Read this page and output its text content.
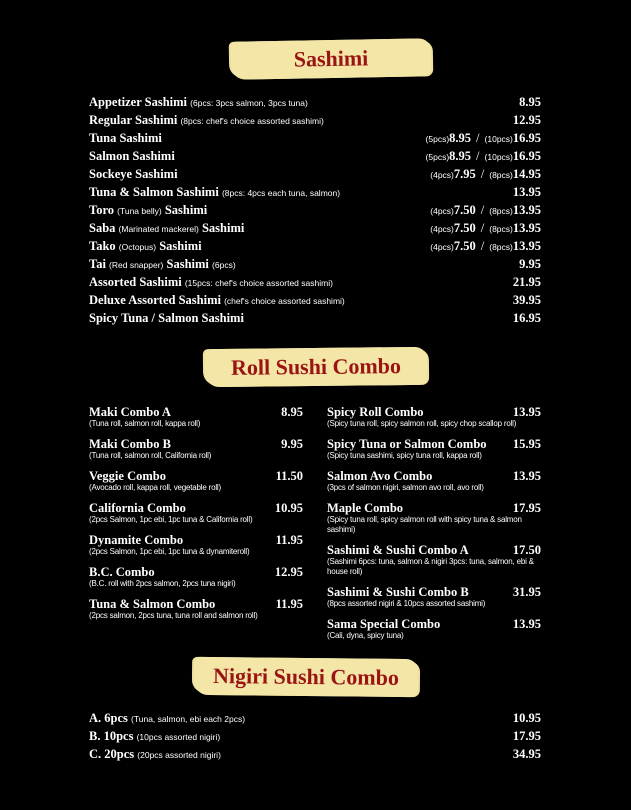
Sashimi
Appetizer Sashimi (6pcs: 3pcs salmon, 3pcs tuna)	8.95
Regular Sashimi (8pcs: chef's choice assorted sashimi)	12.95
Tuna Sashimi	(5pcs) 8.95 / (10pcs) 16.95
Salmon Sashimi	(5pcs) 8.95 / (10pcs) 16.95
Sockeye Sashimi	(4pcs) 7.95 / (8pcs) 14.95
Tuna & Salmon Sashimi (8pcs: 4pcs each tuna, salmon)	13.95
Toro (Tuna belly) Sashimi	(4pcs) 7.50 / (8pcs) 13.95
Saba (Marinated mackerel) Sashimi	(4pcs) 7.50 / (8pcs) 13.95
Tako (Octopus) Sashimi	(4pcs) 7.50 / (8pcs) 13.95
Tai (Red snapper) Sashimi (6pcs)	9.95
Assorted Sashimi (15pcs: chef's choice assorted sashimi)	21.95
Deluxe Assorted Sashimi (chef's choice assorted sashimi)	39.95
Spicy Tuna / Salmon Sashimi	16.95
Roll Sushi Combo
Maki Combo A	8.95
(Tuna roll, salmon roll, kappa roll)
Maki Combo B	9.95
(Tuna roll, salmon roll, California roll)
Veggie Combo	11.50
(Avocado roll, kappa roll, vegetable roll)
California Combo	10.95
(2pcs Salmon, 1pc ebi, 1pc tuna & California roll)
Dynamite Combo	11.95
(2pcs Salmon, 1pc ebi, 1pc tuna & dynamiteroll)
B.C. Combo	12.95
(B.C. roll with 2pcs salmon, 2pcs tuna nigiri)
Tuna & Salmon Combo	11.95
(2pcs salmon, 2pcs tuna, tuna roll and salmon roll)
Spicy Roll Combo	13.95
(Spicy tuna roll, spicy salmon roll, spicy chop scallop roll)
Spicy Tuna or Salmon Combo 15.95
(Spicy tuna sashimi, spicy tuna roll, kappa roll)
Salmon Avo Combo	13.95
(3pcs of salmon nigiri, salmon avo roll, avo roll)
Maple Combo	17.95
(Spicy tuna roll, spicy salmon roll with spicy tuna & salmon sashimi)
Sashimi & Sushi Combo A	17.50
(Sashimi 6pcs: tuna, salmon & nigiri 3pcs: tuna, salmon, ebi & house roll)
Sashimi & Sushi Combo B	31.95
(8pcs assorted nigiri & 10pcs assorted sashimi)
Sama Special Combo	13.95
(Cali, dyna, spicy tuna)
Nigiri Sushi Combo
A. 6pcs (Tuna, salmon, ebi each 2pcs)	10.95
B. 10pcs (10pcs assorted nigiri)	17.95
C. 20pcs (20pcs assorted nigiri)	34.95
